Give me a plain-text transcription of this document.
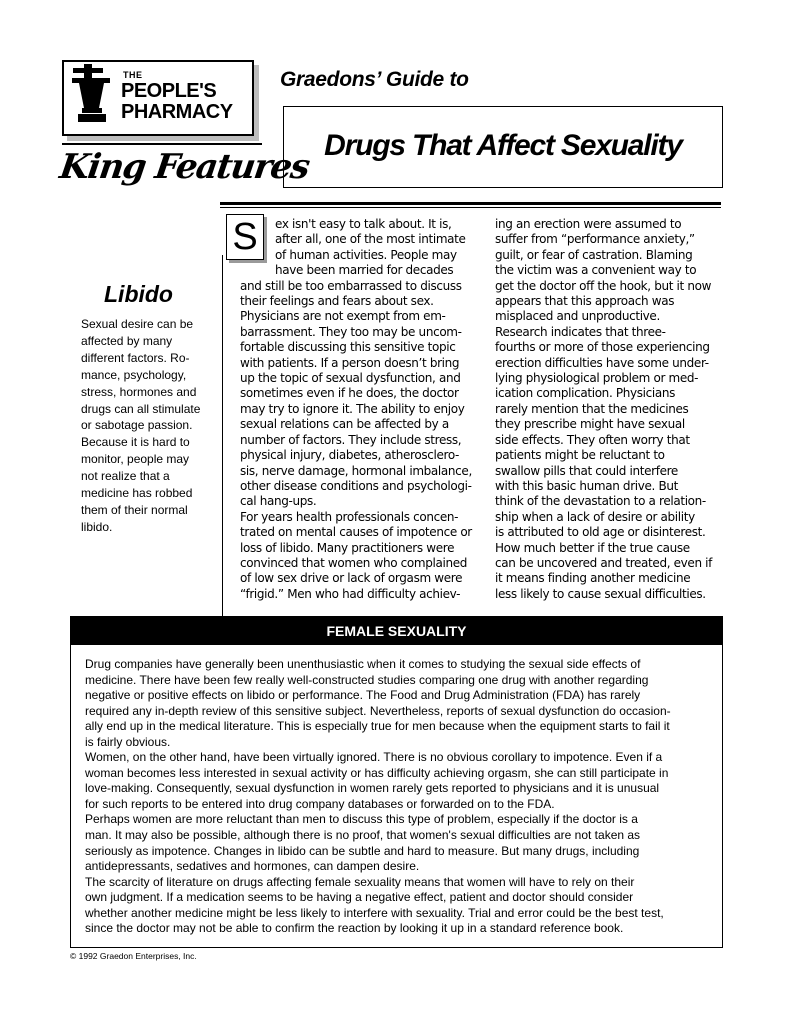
THE
PEOPLE'S
PHARMACY
King Features
Graedons’ Guide to
Drugs That Affect Sexuality
Libido
Sexual desire can be
affected by many
different factors. Ro-
mance, psychology,
stress, hormones and
drugs can all stimulate
or sabotage passion.
Because it is hard to
monitor, people may
not realize that a
medicine has robbed
them of their normal
libido.
S	ex isn't easy to talk about. It is,
after all, one of the most intimate
of human activities. People may
have been married for decades
and still be too embarrassed to discuss
their feelings and fears about sex.
Physicians are not exempt from em-
barrassment. They too may be uncom-
fortable discussing this sensitive topic
with patients. If a person doesn’t bring
up the topic of sexual dysfunction, and
sometimes even if he does, the doctor
may try to ignore it. The ability to enjoy
sexual relations can be affected by a
number of factors. They include stress,
physical injury, diabetes, atherosclero-
sis, nerve damage, hormonal imbalance,
other disease conditions and psychologi-
cal hang-ups.
For years health professionals concen-
trated on mental causes of impotence or
loss of libido. Many practitioners were
convinced that women who complained
of low sex drive or lack of orgasm were
“frigid.” Men who had difficulty achiev-
ing an erection were assumed to
suffer from “performance anxiety,”
guilt, or fear of castration. Blaming
the victim was a convenient way to
get the doctor off the hook, but it now
appears that this approach was
misplaced and unproductive.
Research indicates that three-
fourths or more of those experiencing
erection difficulties have some under-
lying physiological problem or med-
ication complication. Physicians
rarely mention that the medicines
they prescribe might have sexual
side effects. They often worry that
patients might be reluctant to
swallow pills that could interfere
with this basic human drive. But
think of the devastation to a relation-
ship when a lack of desire or ability
is attributed to old age or disinterest.
How much better if the true cause
can be uncovered and treated, even if
it means finding another medicine
less likely to cause sexual difficulties.
FEMALE SEXUALITY
Drug companies have generally been unenthusiastic when it comes to studying the sexual side effects of
medicine. There have been few really well-constructed studies comparing one drug with another regarding
negative or positive effects on libido or performance. The Food and Drug Administration (FDA) has rarely
required any in-depth review of this sensitive subject. Nevertheless, reports of sexual dysfunction do occasion-
ally end up in the medical literature. This is especially true for men because when the equipment starts to fail it
is fairly obvious.
Women, on the other hand, have been virtually ignored. There is no obvious corollary to impotence. Even if a
woman becomes less interested in sexual activity or has difficulty achieving orgasm, she can still participate in
love-making. Consequently, sexual dysfunction in women rarely gets reported to physicians and it is unusual
for such reports to be entered into drug company databases or forwarded on to the FDA.
Perhaps women are more reluctant than men to discuss this type of problem, especially if the doctor is a
man. It may also be possible, although there is no proof, that women's sexual difficulties are not taken as
seriously as impotence. Changes in libido can be subtle and hard to measure. But many drugs, including
antidepressants, sedatives and hormones, can dampen desire.
The scarcity of literature on drugs affecting female sexuality means that women will have to rely on their
own judgment. If a medication seems to be having a negative effect, patient and doctor should consider
whether another medicine might be less likely to interfere with sexuality. Trial and error could be the best test,
since the doctor may not be able to confirm the reaction by looking it up in a standard reference book.
© 1992 Graedon Enterprises, Inc.
